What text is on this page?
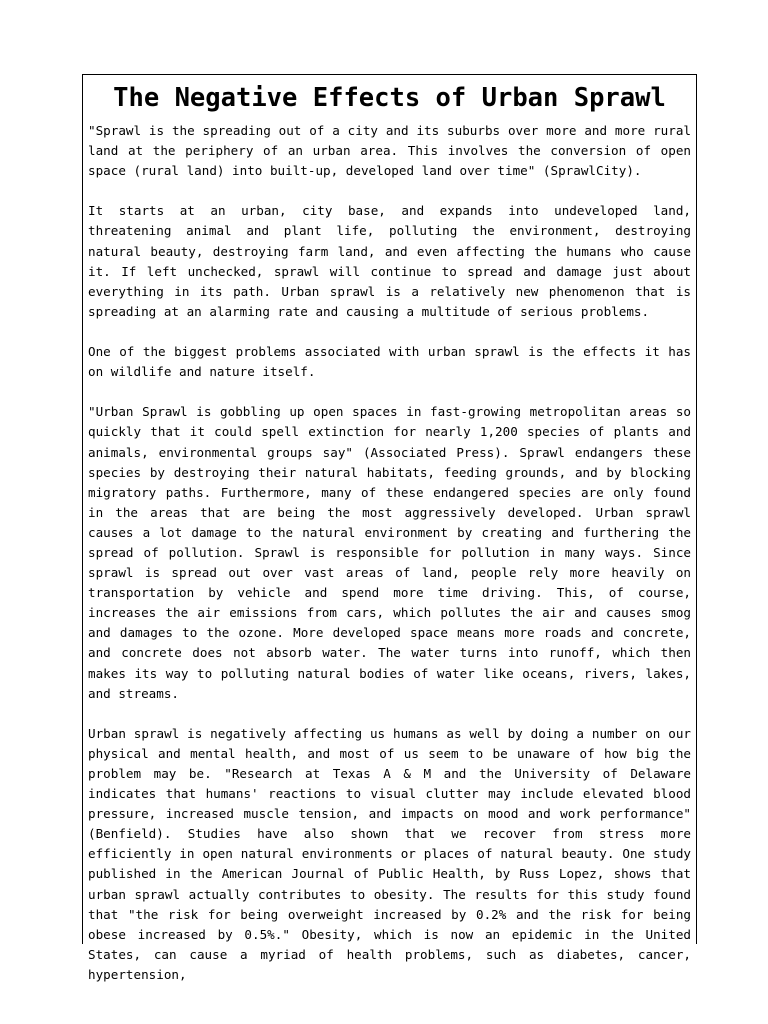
The Negative Effects of Urban Sprawl

"Sprawl is the spreading out of a city and its suburbs over more and more rural land at the periphery of an urban area. This involves the conversion of open space (rural land) into built-up, developed land over time" (SprawlCity).

It starts at an urban, city base, and expands into undeveloped land, threatening animal and plant life, polluting the environment, destroying natural beauty, destroying farm land, and even affecting the humans who cause it. If left unchecked, sprawl will continue to spread and damage just about everything in its path. Urban sprawl is a relatively new phenomenon that is spreading at an alarming rate and causing a multitude of serious problems.

One of the biggest problems associated with urban sprawl is the effects it has on wildlife and nature itself.

"Urban Sprawl is gobbling up open spaces in fast-growing metropolitan areas so quickly that it could spell extinction for nearly 1,200 species of plants and animals, environmental groups say" (Associated Press). Sprawl endangers these species by destroying their natural habitats, feeding grounds, and by blocking migratory paths. Furthermore, many of these endangered species are only found in the areas that are being the most aggressively developed. Urban sprawl causes a lot damage to the natural environment by creating and furthering the spread of pollution. Sprawl is responsible for pollution in many ways. Since sprawl is spread out over vast areas of land, people rely more heavily on transportation by vehicle and spend more time driving. This, of course, increases the air emissions from cars, which pollutes the air and causes smog and damages to the ozone. More developed space means more roads and concrete, and concrete does not absorb water. The water turns into runoff, which then makes its way to polluting natural bodies of water like oceans, rivers, lakes, and streams.

Urban sprawl is negatively affecting us humans as well by doing a number on our physical and mental health, and most of us seem to be unaware of how big the problem may be. "Research at Texas A & M and the University of Delaware indicates that humans' reactions to visual clutter may include elevated blood pressure, increased muscle tension, and impacts on mood and work performance" (Benfield). Studies have also shown that we recover from stress more efficiently in open natural environments or places of natural beauty. One study published in the American Journal of Public Health, by Russ Lopez, shows that urban sprawl actually contributes to obesity. The results for this study found that "the risk for being overweight increased by 0.2% and the risk for being obese increased by 0.5%." Obesity, which is now an epidemic in the United States, can cause a myriad of health problems, such as diabetes, cancer, hypertension,
